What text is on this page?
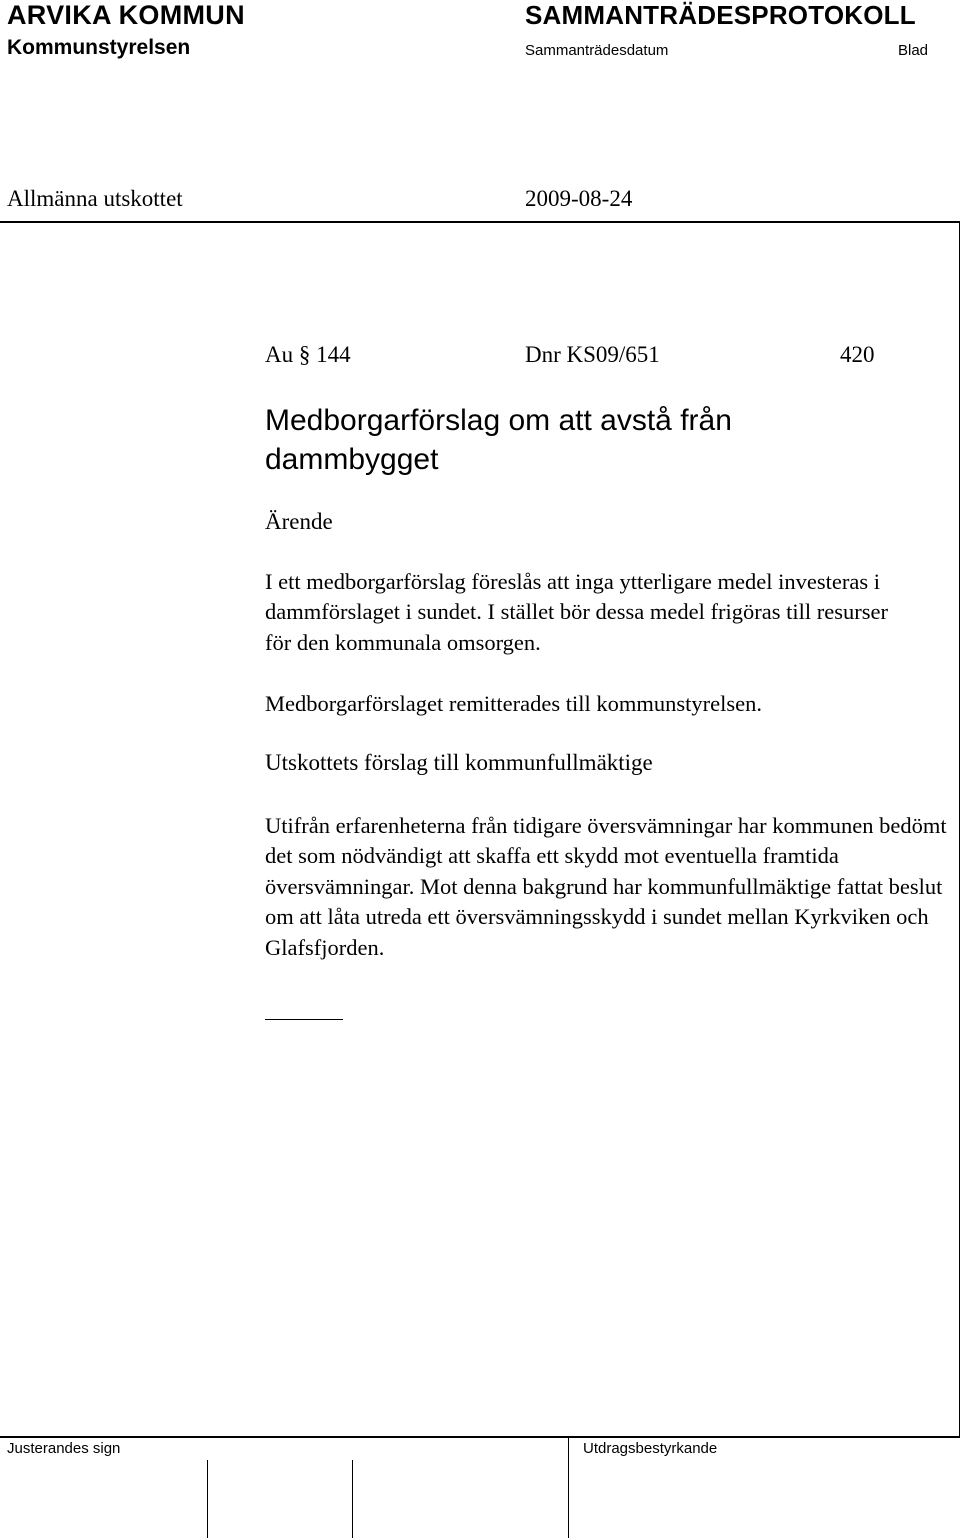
ARVIKA KOMMUN
Kommunstyrelsen
SAMMANTRÄDESPROTOKOLL
Sammanträdesdatum	Blad
Allmänna utskottet	2009-08-24
Au § 144	Dnr KS09/651	420
Medborgarförslag om att avstå från dammbygget
Ärende
I ett medborgarförslag föreslås att inga ytterligare medel investeras i dammförslaget i sundet. I stället bör dessa medel frigöras till resurser för den kommunala omsorgen.
Medborgarförslaget remitterades till kommunstyrelsen.
Utskottets förslag till kommunfullmäktige
Utifrån erfarenheterna från tidigare översvämningar har kommunen bedömt det som nödvändigt att skaffa ett skydd mot eventuella framtida översvämningar. Mot denna bakgrund har kommunfullmäktige fattat beslut om att låta utreda ett översvämningsskydd i sundet mellan Kyrkviken och Glafsfjorden.
Justerandes sign	Utdragsbestyrkande
